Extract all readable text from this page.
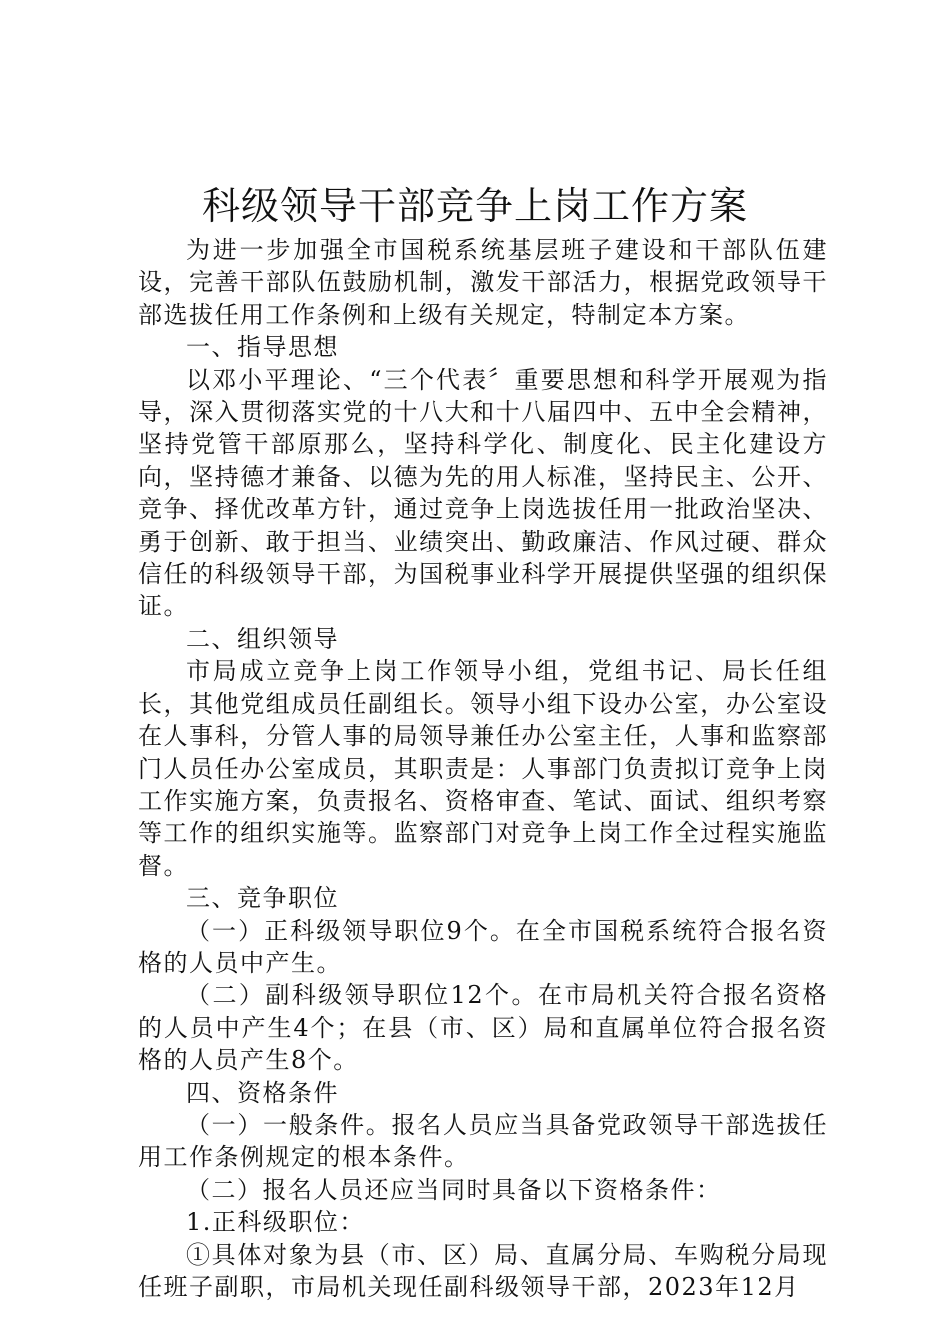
科级领导干部竞争上岗工作方案

为进一步加强全市国税系统基层班子建设和干部队伍建设，完善干部队伍鼓励机制，激发干部活力，根据党政领导干部选拔任用工作条例和上级有关规定，特制定本方案。

一、指导思想

以邓小平理论、“三个代表〞重要思想和科学开展观为指导，深入贯彻落实党的十八大和十八届四中、五中全会精神，坚持党管干部原那么，坚持科学化、制度化、民主化建设方向，坚持德才兼备、以德为先的用人标准，坚持民主、公开、竞争、择优改革方针，通过竞争上岗选拔任用一批政治坚决、勇于创新、敢于担当、业绩突出、勤政廉洁、作风过硬、群众信任的科级领导干部，为国税事业科学开展提供坚强的组织保证。

二、组织领导

市局成立竞争上岗工作领导小组，党组书记、局长任组长，其他党组成员任副组长。领导小组下设办公室，办公室设在人事科，分管人事的局领导兼任办公室主任，人事和监察部门人员任办公室成员，其职责是：人事部门负责拟订竞争上岗工作实施方案，负责报名、资格审查、笔试、面试、组织考察等工作的组织实施等。监察部门对竞争上岗工作全过程实施监督。

三、竞争职位

（一）正科级领导职位9个。在全市国税系统符合报名资格的人员中产生。

（二）副科级领导职位12个。在市局机关符合报名资格的人员中产生4个；在县（市、区）局和直属单位符合报名资格的人员产生8个。

四、资格条件

（一）一般条件。报名人员应当具备党政领导干部选拔任用工作条例规定的根本条件。

（二）报名人员还应当同时具备以下资格条件：

1.正科级职位：

①具体对象为县（市、区）局、直属分局、车购税分局现任班子副职，市局机关现任副科级领导干部，2023年12月
